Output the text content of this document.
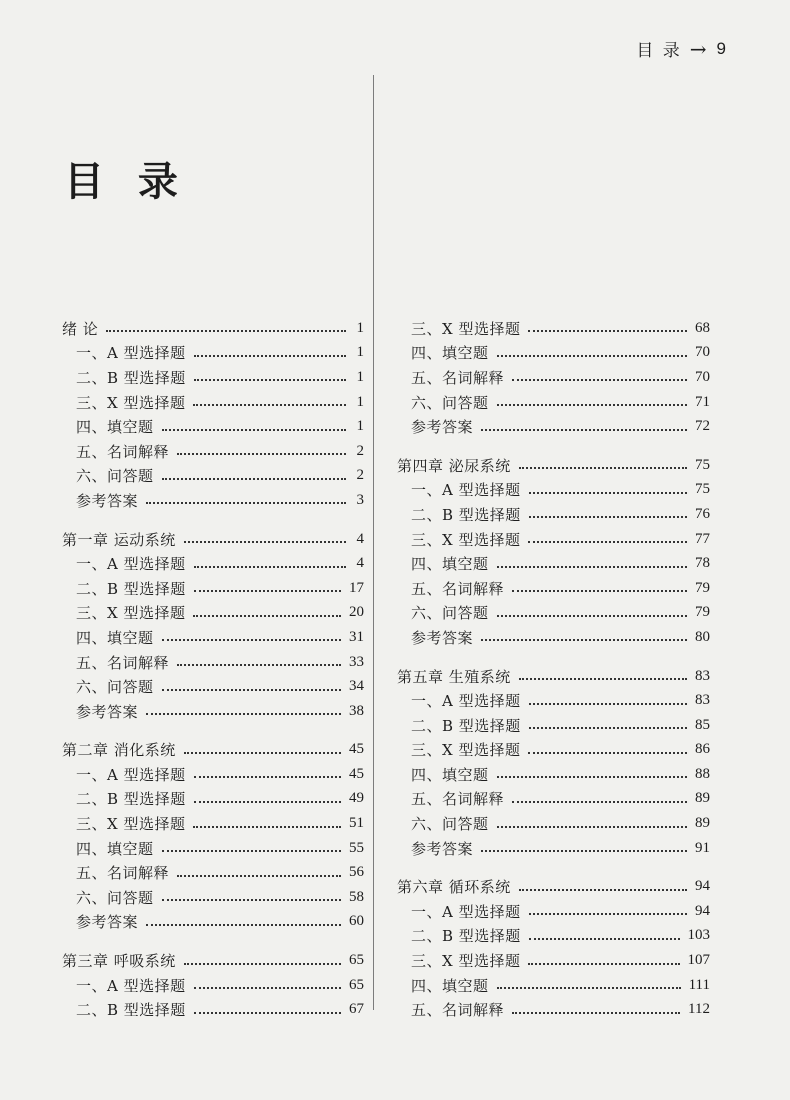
目 录 → 9
目 录
绪 论	1
一、A 型选择题	1
二、B 型选择题	1
三、X 型选择题	1
四、填空题	1
五、名词解释	2
六、问答题	2
参考答案	3
第一章 运动系统	4
一、A 型选择题	4
二、B 型选择题	17
三、X 型选择题	20
四、填空题	31
五、名词解释	33
六、问答题	34
参考答案	38
第二章 消化系统	45
一、A 型选择题	45
二、B 型选择题	49
三、X 型选择题	51
四、填空题	55
五、名词解释	56
六、问答题	58
参考答案	60
第三章 呼吸系统	65
一、A 型选择题	65
二、B 型选择题	67
三、X 型选择题	68
四、填空题	70
五、名词解释	70
六、问答题	71
参考答案	72
第四章 泌尿系统	75
一、A 型选择题	75
二、B 型选择题	76
三、X 型选择题	77
四、填空题	78
五、名词解释	79
六、问答题	79
参考答案	80
第五章 生殖系统	83
一、A 型选择题	83
二、B 型选择题	85
三、X 型选择题	86
四、填空题	88
五、名词解释	89
六、问答题	89
参考答案	91
第六章 循环系统	94
一、A 型选择题	94
二、B 型选择题	103
三、X 型选择题	107
四、填空题	111
五、名词解释	112
